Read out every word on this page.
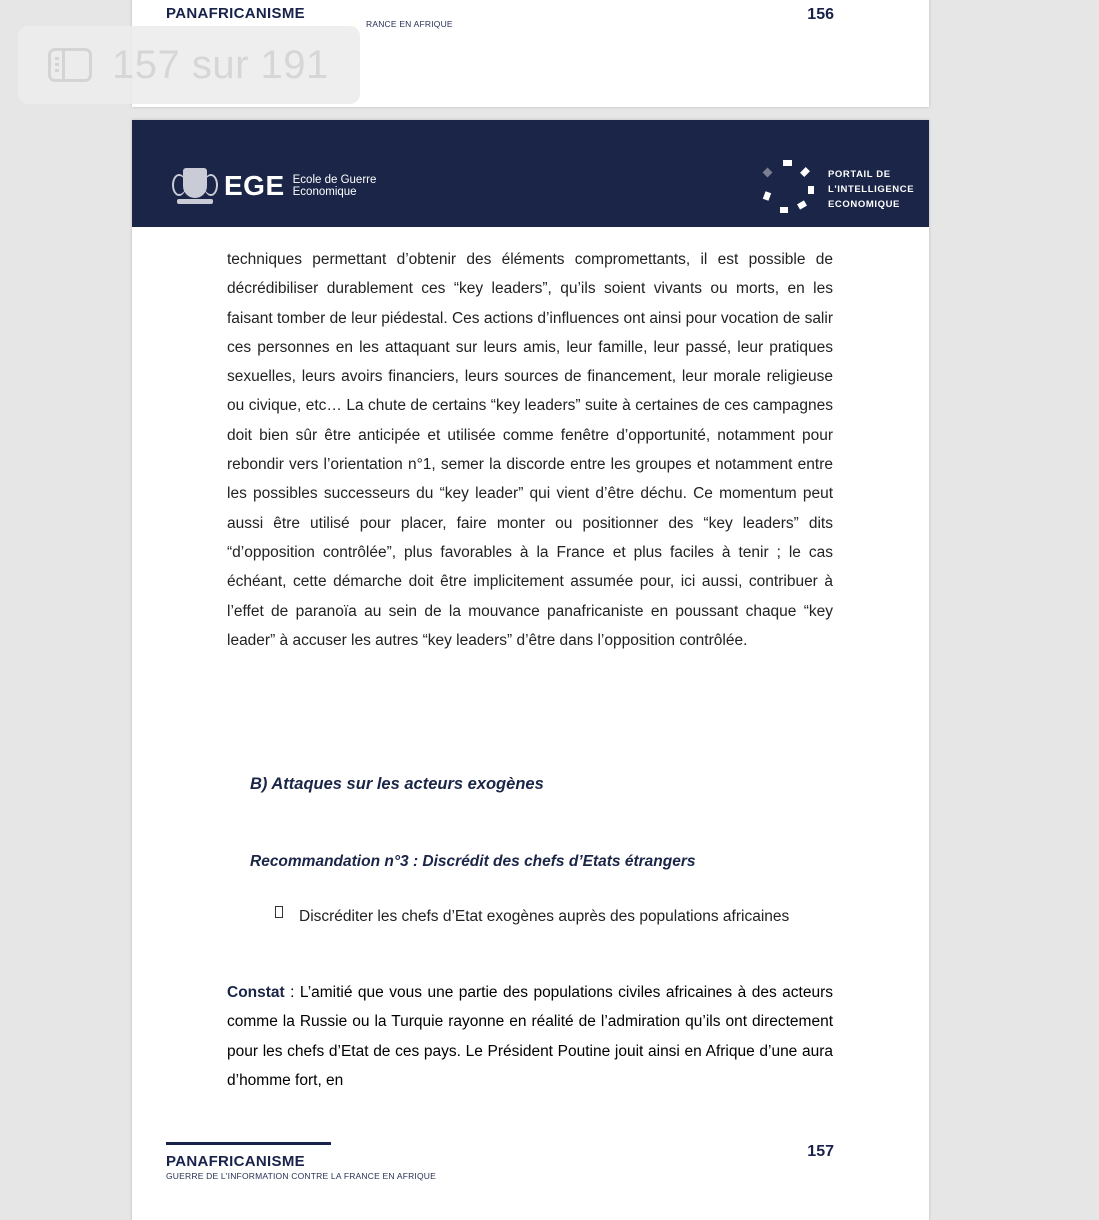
PANAFRICANISME
RANCE EN AFRIQUE
156
157 sur 191
EGE Ecole de Guerre
Economique
PORTAIL DE
L'INTELLIGENCE
ECONOMIQUE

techniques permettant d’obtenir des éléments compromettants, il est possible de décrédibiliser durablement ces “key leaders”, qu’ils soient vivants ou morts, en les faisant tomber de leur piédestal. Ces actions d’influences ont ainsi pour vocation de salir ces personnes en les attaquant sur leurs amis, leur famille, leur passé, leur pratiques sexuelles, leurs avoirs financiers, leurs sources de financement, leur morale religieuse ou civique, etc… La chute de certains “key leaders” suite à certaines de ces campagnes doit bien sûr être anticipée et utilisée comme fenêtre d’opportunité, notamment pour rebondir vers l’orientation n°1, semer la discorde entre les groupes et notamment entre les possibles successeurs du “key leader” qui vient d’être déchu. Ce momentum peut aussi être utilisé pour placer, faire monter ou positionner des “key leaders” dits “d’opposition contrôlée”, plus favorables à la France et plus faciles à tenir ; le cas échéant, cette démarche doit être implicitement assumée pour, ici aussi, contribuer à l’effet de paranoïa au sein de la mouvance panafricaniste en poussant chaque “key leader” à accuser les autres “key leaders” d’être dans l’opposition contrôlée.

B) Attaques sur les acteurs exogènes
Recommandation n°3 : Discrédit des chefs d’Etats étrangers
Discréditer les chefs d’Etat exogènes auprès des populations africaines

Constat : L’amitié que vous une partie des populations civiles africaines à des acteurs comme la Russie ou la Turquie rayonne en réalité de l’admiration qu’ils ont directement pour les chefs d’Etat de ces pays. Le Président Poutine jouit ainsi en Afrique d’une aura d’homme fort, en

PANAFRICANISME
GUERRE DE L'INFORMATION CONTRE LA FRANCE EN AFRIQUE
157
